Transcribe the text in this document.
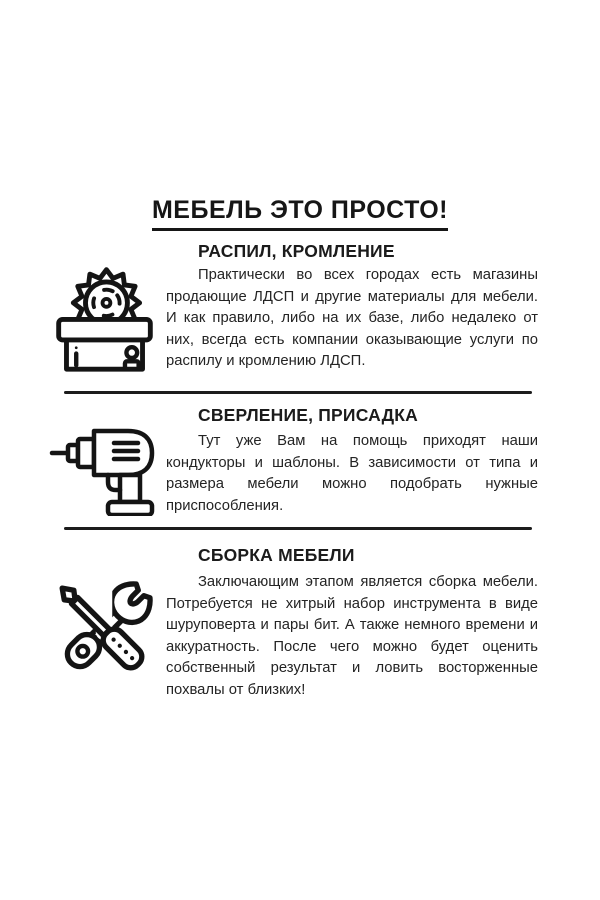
МЕБЕЛЬ ЭТО ПРОСТО!
РАСПИЛ, КРОМЛЕНИЕ

Практически во всех городах есть магазины продающие ЛДСП и другие материалы для мебели. И как правило, либо на их базе, либо недалеко от них, всегда есть компании оказывающие услуги по распилу и кромлению ЛДСП.

СВЕРЛЕНИЕ, ПРИСАДКА

Тут уже Вам на помощь приходят наши кондукторы и шаблоны. В зависимости от типа и размера мебели можно подобрать нужные приспособления.

СБОРКА МЕБЕЛИ

Заключающим этапом является сборка мебели. Потребуется не хитрый набор инструмента в виде шуруповерта и пары бит. А также немного времени и аккуратность. После чего можно будет оценить собственный результат и ловить восторженные похвалы от близких!
